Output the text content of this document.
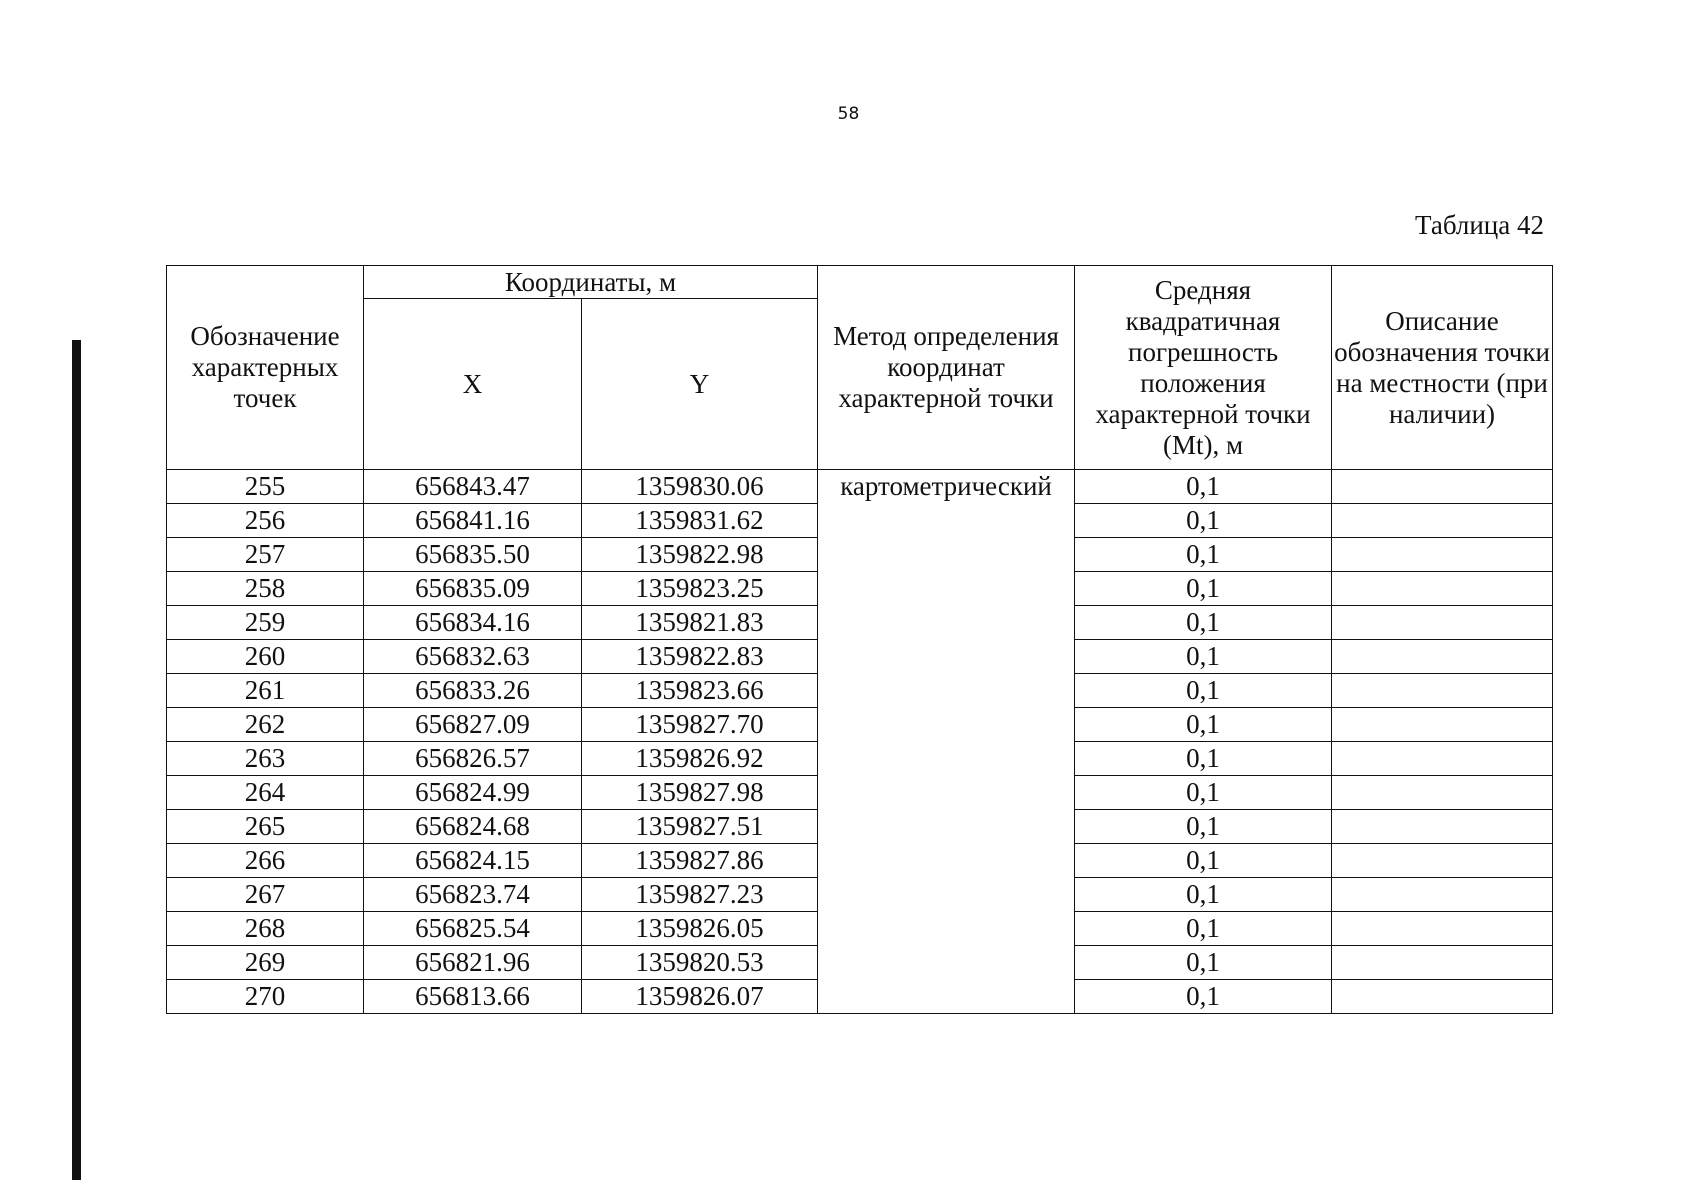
58
Таблица 42
Обозначение характерных точек	Координаты, м		Метод определения координат характерной точки	Средняя квадратичная погрешность положения характерной точки (Mt), м	Описание обозначения точки на местности (при наличии)
	X	Y			
255	656843.47	1359830.06	картометрический	0,1	
256	656841.16	1359831.62		0,1	
257	656835.50	1359822.98		0,1	
258	656835.09	1359823.25		0,1	
259	656834.16	1359821.83		0,1	
260	656832.63	1359822.83		0,1	
261	656833.26	1359823.66		0,1	
262	656827.09	1359827.70		0,1	
263	656826.57	1359826.92		0,1	
264	656824.99	1359827.98		0,1	
265	656824.68	1359827.51		0,1	
266	656824.15	1359827.86		0,1	
267	656823.74	1359827.23		0,1	
268	656825.54	1359826.05		0,1	
269	656821.96	1359820.53		0,1	
270	656813.66	1359826.07		0,1	
